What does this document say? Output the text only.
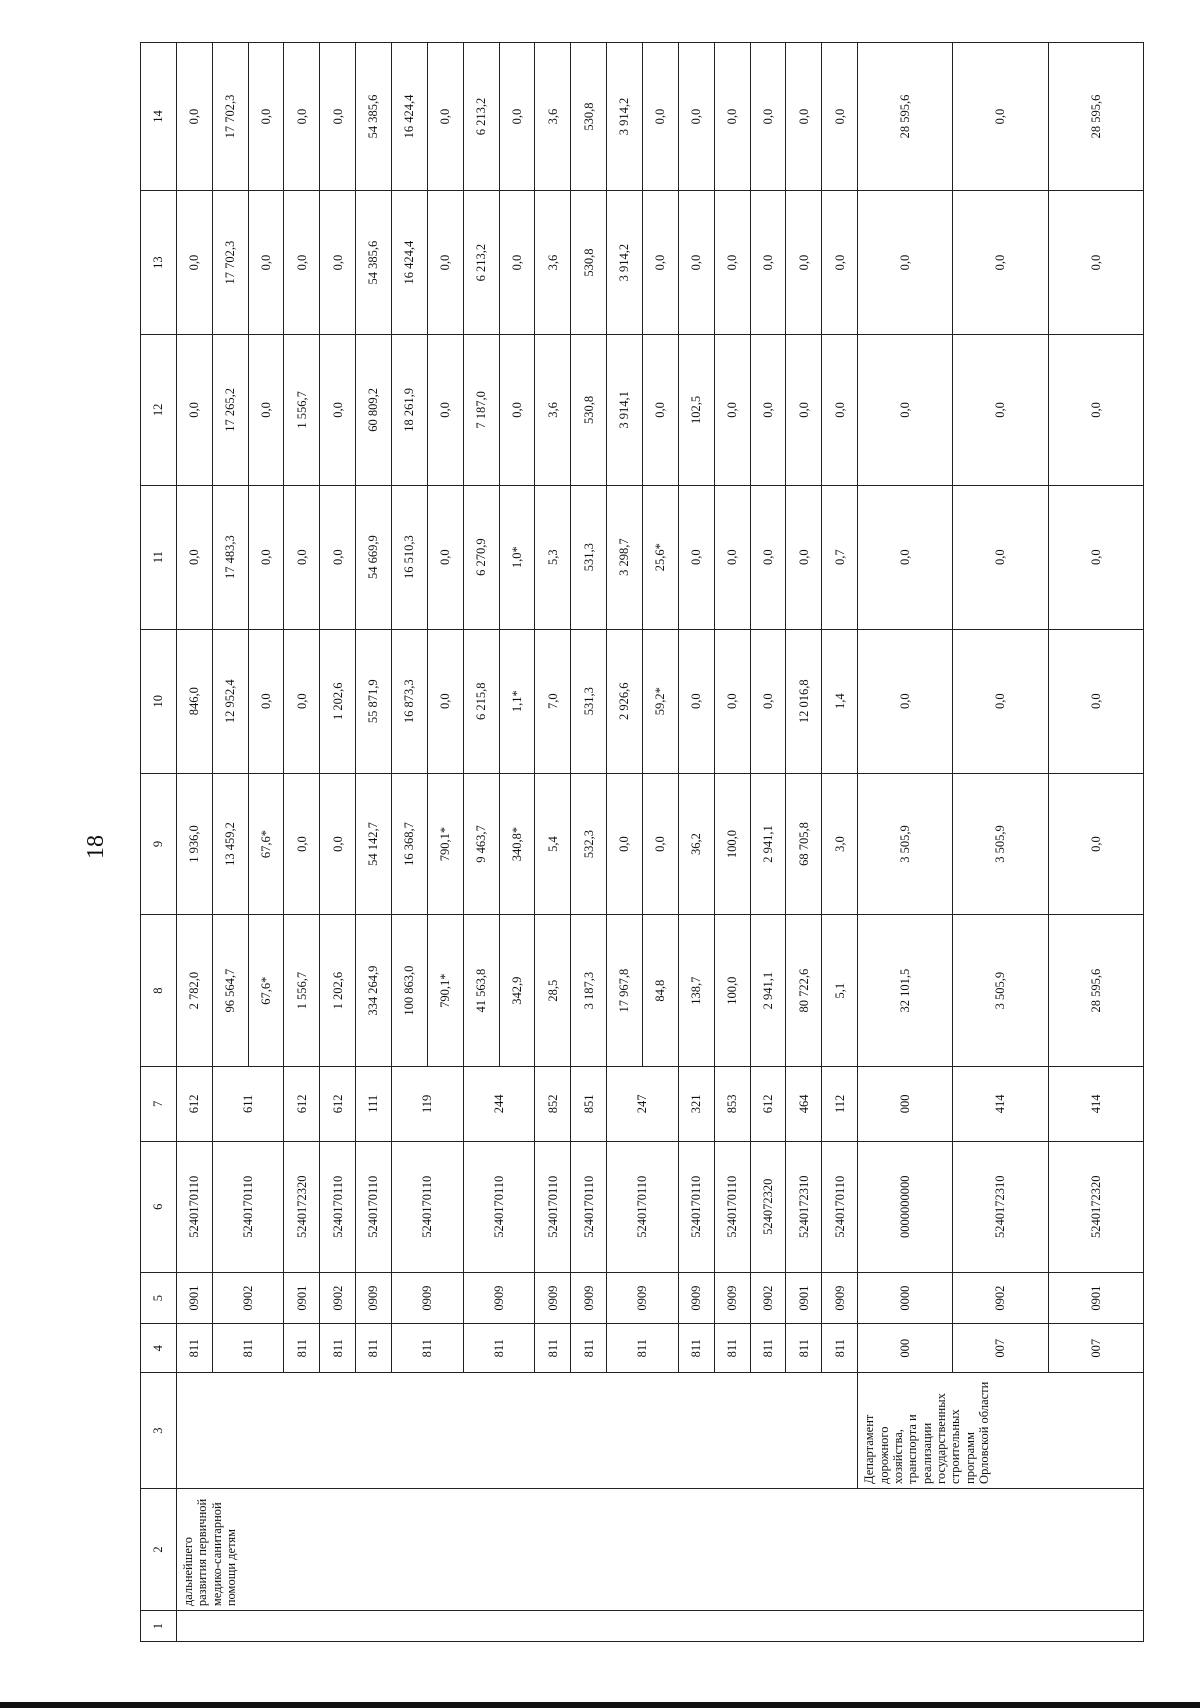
18
1	2	3	4	5	6	7	8	9	10	11	12	13	14
	дальнейшего развития первичной медико-санитарной помощи детям		811	0901	5240170110	612	2 782,0	1 936,0	846,0	0,0	0,0	0,0	0,0
			811	0902	5240170110	611	96 564,7	13 459,2	12 952,4	17 483,3	17 265,2	17 702,3	17 702,3
							67,6*	67,6*	0,0	0,0	0,0	0,0	0,0
			811	0901	5240172320	612	1 556,7	0,0	0,0	0,0	1 556,7	0,0	0,0
			811	0902	5240170110	612	1 202,6	0,0	1 202,6	0,0	0,0	0,0	0,0
			811	0909	5240170110	111	334 264,9	54 142,7	55 871,9	54 669,9	60 809,2	54 385,6	54 385,6
			811	0909	5240170110	119	100 863,0	16 368,7	16 873,3	16 510,3	18 261,9	16 424,4	16 424,4
							790,1*	790,1*	0,0	0,0	0,0	0,0	0,0
			811	0909	5240170110	244	41 563,8	9 463,7	6 215,8	6 270,9	7 187,0	6 213,2	6 213,2
							342,9	340,8*	1,1*	1,0*	0,0	0,0	0,0
			811	0909	5240170110	852	28,5	5,4	7,0	5,3	3,6	3,6	3,6
			811	0909	5240170110	851	3 187,3	532,3	531,3	531,3	530,8	530,8	530,8
			811	0909	5240170110	247	17 967,8	0,0	2 926,6	3 298,7	3 914,1	3 914,2	3 914,2
							84,8	0,0	59,2*	25,6*	0,0	0,0	0,0
			811	0909	5240170110	321	138,7	36,2	0,0	0,0	102,5	0,0	0,0
			811	0909	5240170110	853	100,0	100,0	0,0	0,0	0,0	0,0	0,0
			811	0902	524072320	612	2 941,1	2 941,1	0,0	0,0	0,0	0,0	0,0
			811	0901	5240172310	464	80 722,6	68 705,8	12 016,8	0,0	0,0	0,0	0,0
			811	0909	5240170110	112	5,1	3,0	1,4	0,7	0,0	0,0	0,0
		Департамент дорожного хозяйства, транспорта и реализации государственных строительных программ Орловской области	000	0000	0000000000	000	32 101,5	3 505,9	0,0	0,0	0,0	0,0	28 595,6
			007	0902	5240172310	414	3 505,9	3 505,9	0,0	0,0	0,0	0,0	0,0
			007	0901	5240172320	414	28 595,6	0,0	0,0	0,0	0,0	0,0	28 595,6
